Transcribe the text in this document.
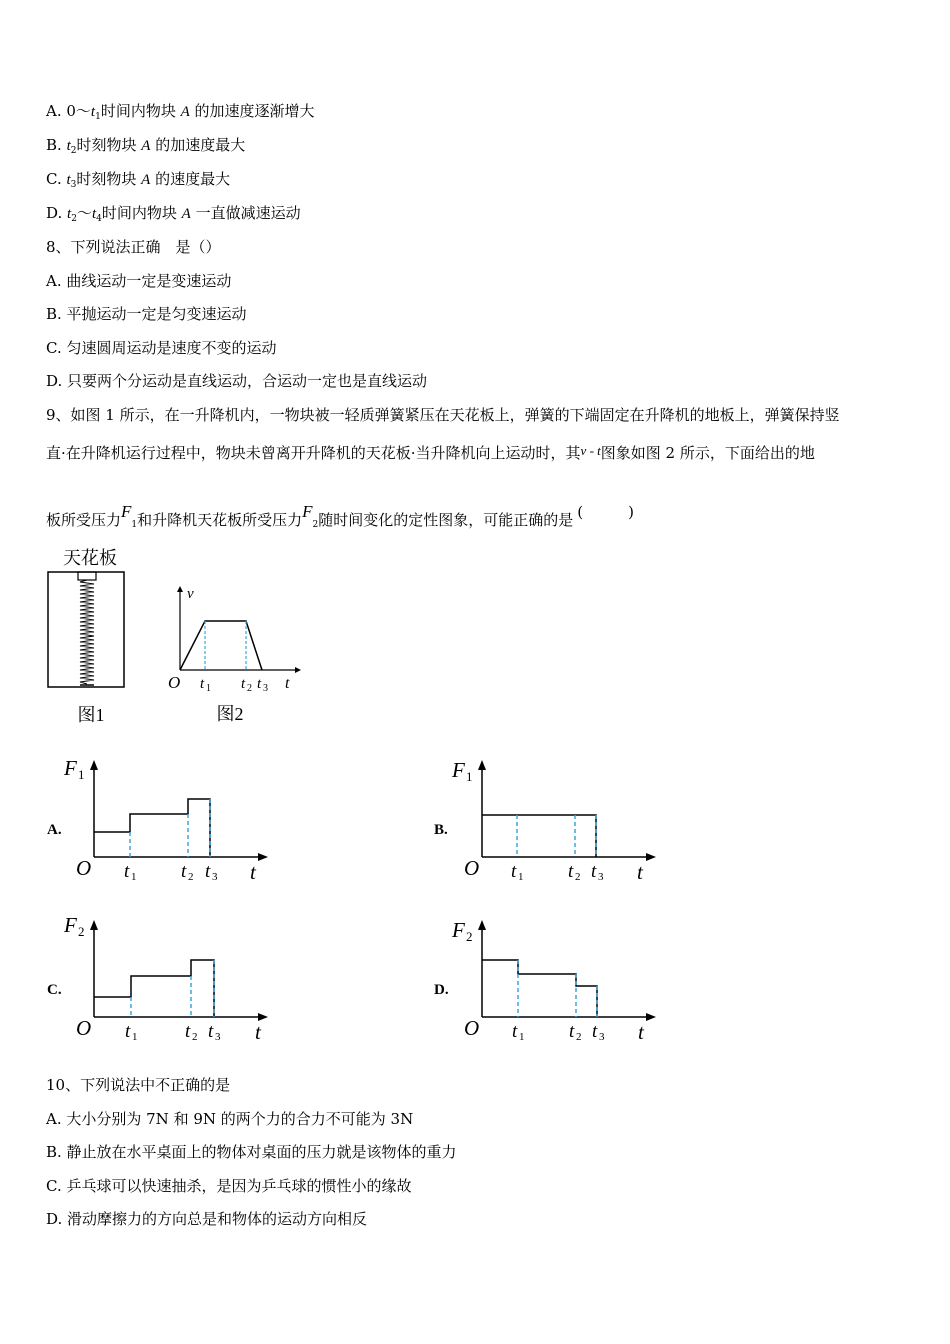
A. $0\sim t_1$时间内物块 A 的加速度逐渐增大
B. $t_2$时刻物块 A 的加速度最大
C. $t_3$时刻物块 A 的速度最大
D. $t_2\sim t_4$时间内物块 A 一直做减速运动
8、下列说法正确　是（）
A. 曲线运动一定是变速运动
B. 平抛运动一定是匀变速运动
C. 匀速圆周运动是速度不变的运动
D. 只要两个分运动是直线运动，合运动一定也是直线运动
9、如图 1 所示，在一升降机内，一物块被一轻质弹簧紧压在天花板上，弹簧的下端固定在升降机的地板上，弹簧保持竖
直·在升降机运行过程中，物块未曾离开升降机的天花板·当升降机向上运动时，其v - t图象如图 2 所示，下面给出的地
板所受压力$F_1$和升降机天花板所受压力$F_2$随时间变化的定性图象，可能正确的是 (　　　)
天花板
图1
v
O t 1 t 2 t 3 t
图2
A.	B.
C.	D.
F 1
O t 1 t 2 t 3 t
F 1
O t 1 t 2 t 3 t
F 2
O t 1	t 2 t 3 t
F 2
O t 1 t 2 t 3 t
10、下列说法中不正确的是
A. 大小分别为 7N 和 9N 的两个力的合力不可能为 3N
B. 静止放在水平桌面上的物体对桌面的压力就是该物体的重力
C. 乒乓球可以快速抽杀，是因为乒乓球的惯性小的缘故
D. 滑动摩擦力的方向总是和物体的运动方向相反
